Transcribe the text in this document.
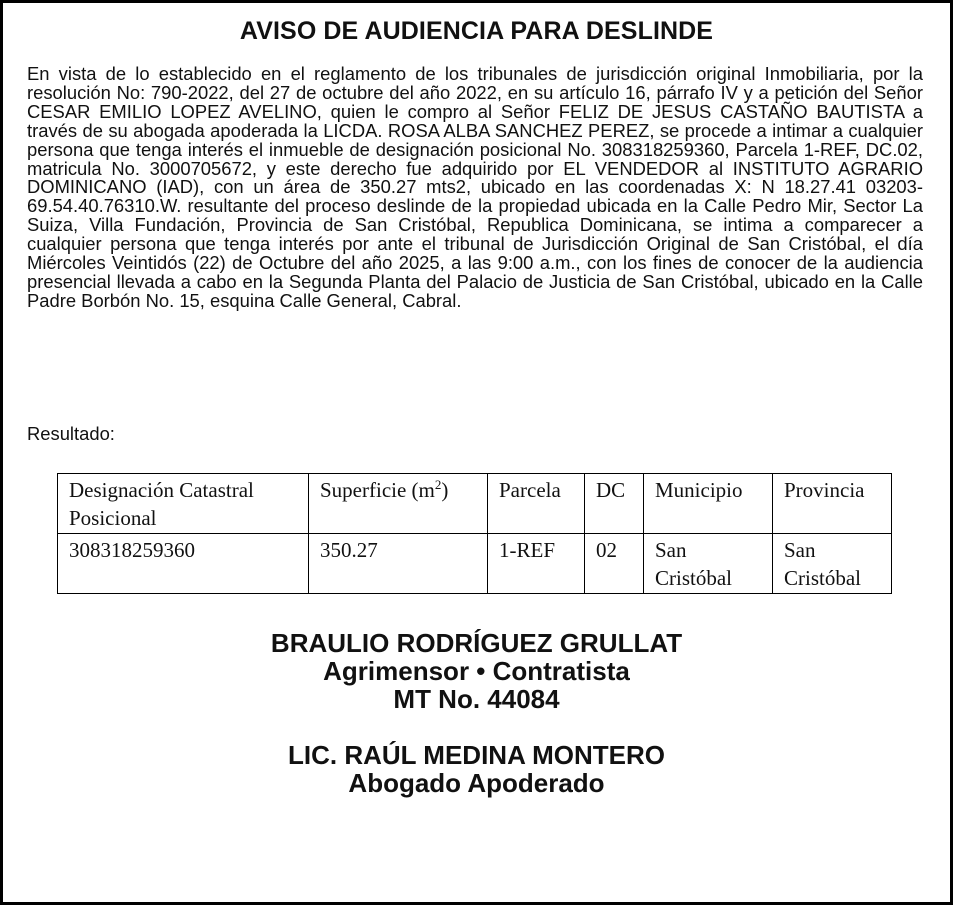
AVISO DE AUDIENCIA PARA DESLINDE
En vista de lo establecido en el reglamento de los tribunales de jurisdicción original Inmobiliaria, por la resolución No: 790-2022, del 27 de octubre del año 2022, en su artículo 16, párrafo IV y a petición del Señor CESAR EMILIO LOPEZ AVELINO, quien le compro al Señor FELIZ DE JESUS CASTAÑO BAUTISTA a través de su abogada apoderada la LICDA. ROSA ALBA SANCHEZ PEREZ, se procede a intimar a cualquier persona que tenga interés el inmueble de designación posicional No. 308318259360, Parcela 1-REF, DC.02, matricula No. 3000705672, y este derecho fue adquirido por EL VENDEDOR al INSTITUTO AGRARIO DOMINICANO (IAD), con un área de 350.27 mts2, ubicado en las coordenadas X: N 18.27.41 03203-69.54.40.76310.W. resultante del proceso deslinde de la propiedad ubicada en la Calle Pedro Mir, Sector La Suiza, Villa Fundación, Provincia de San Cristóbal, Republica Dominicana, se intima a comparecer a cualquier persona que tenga interés por ante el tribunal de Jurisdicción Original de San Cristóbal, el día Miércoles Veintidós (22) de Octubre del año 2025, a las 9:00 a.m., con los fines de conocer de la audiencia presencial llevada a cabo en la Segunda Planta del Palacio de Justicia de San Cristóbal, ubicado en la Calle Padre Borbón No. 15, esquina Calle General, Cabral.
Resultado:
Designación Catastral Posicional	Superficie $(m^2)$	Parcela	DC	Municipio	Provincia
308318259360	350.27	1-REF	02	San Cristóbal	San Cristóbal
BRAULIO RODRÍGUEZ GRULLAT
Agrimensor • Contratista
MT No. 44084
LIC. RAÚL MEDINA MONTERO
Abogado Apoderado
